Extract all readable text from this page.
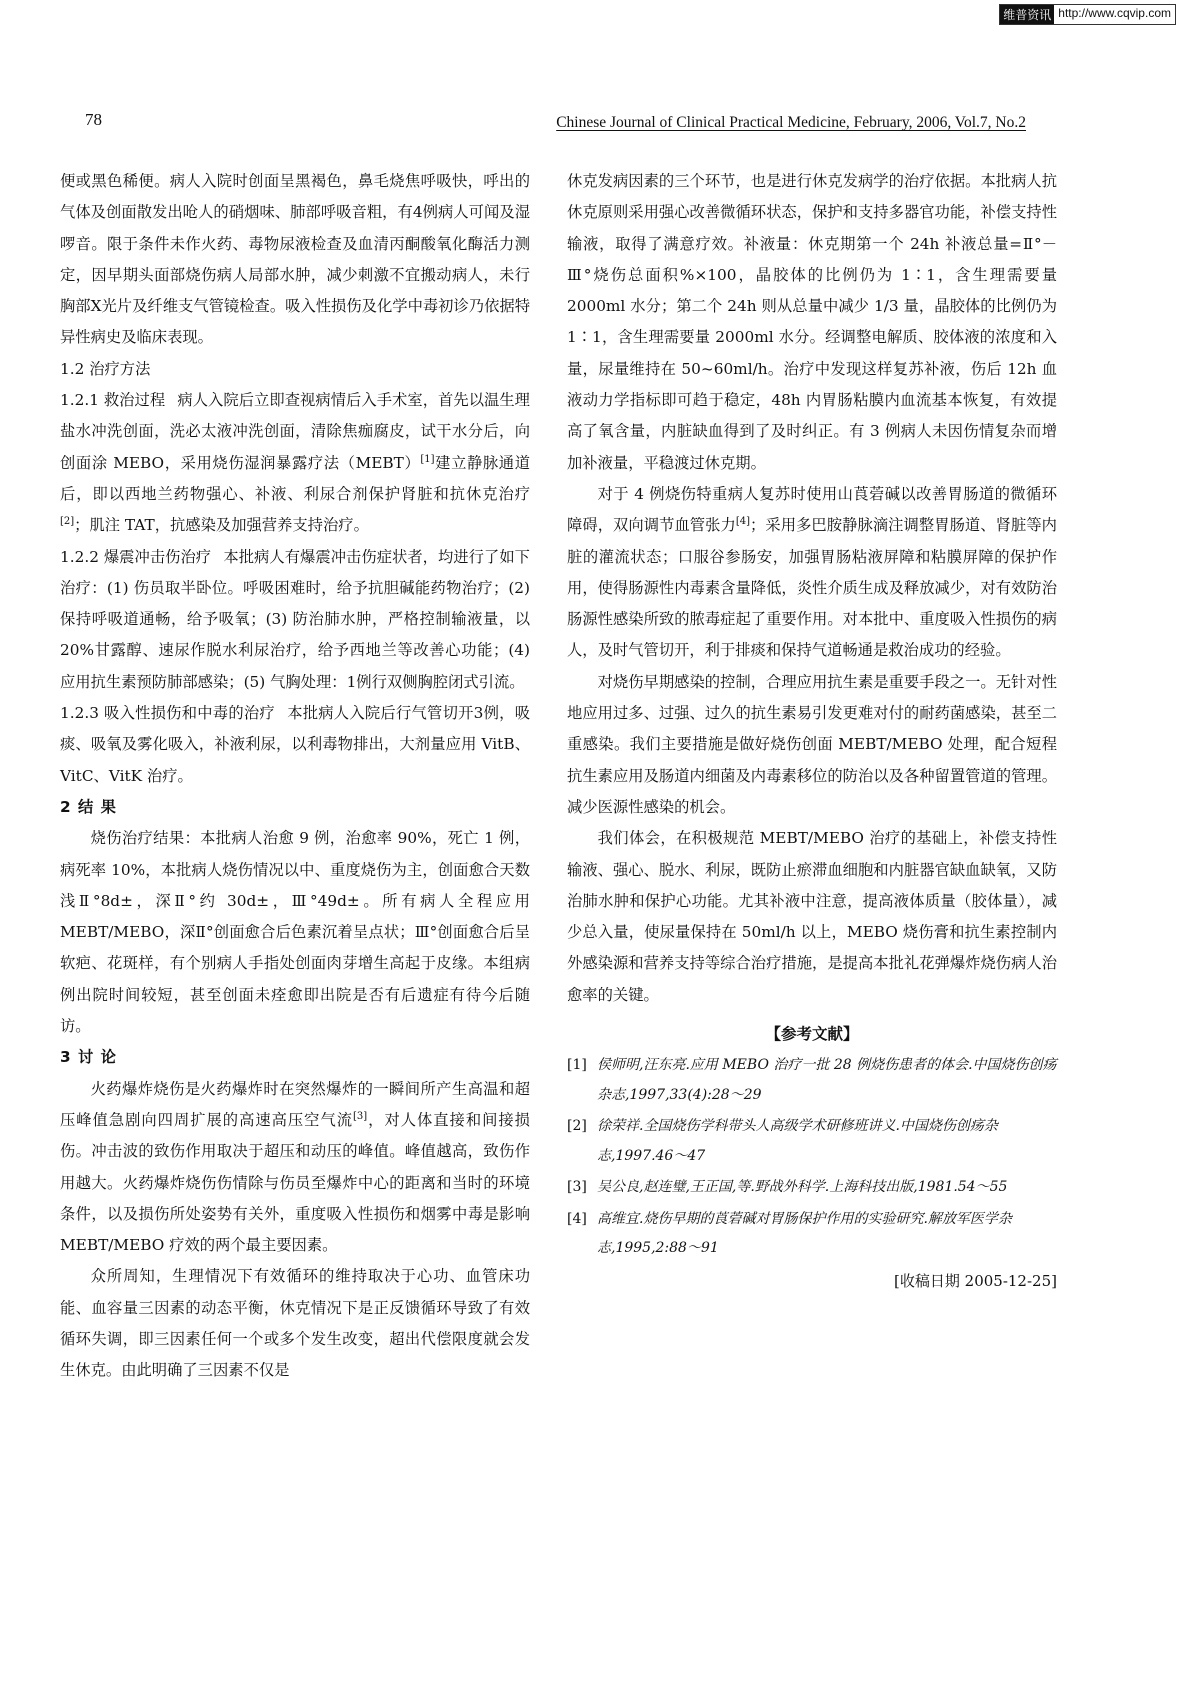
维普资讯 http://www.cqvip.com
78	Chinese Journal of Clinical Practical Medicine, February, 2006, Vol.7, No.2

便或黑色稀便。病人入院时创面呈黑褐色，鼻毛烧焦呼吸快，呼出的气体及创面散发出呛人的硝烟味、肺部呼吸音粗，有4例病人可闻及湿啰音。限于条件未作火药、毒物尿液检查及血清丙酮酸氧化酶活力测定，因早期头面部烧伤病人局部水肿，减少刺激不宜搬动病人，未行胸部X光片及纤维支气管镜检查。吸入性损伤及化学中毒初诊乃依据特异性病史及临床表现。

1.2 治疗方法

1.2.1 救治过程 病人入院后立即查视病情后入手术室，首先以温生理盐水冲洗创面，洗必太液冲洗创面，清除焦痂腐皮，试干水分后，向创面涂 MEBO，采用烧伤湿润暴露疗法（MEBT）[1]建立静脉通道后，即以西地兰药物强心、补液、利尿合剂保护肾脏和抗休克治疗[2]；肌注 TAT，抗感染及加强营养支持治疗。

1.2.2 爆震冲击伤治疗 本批病人有爆震冲击伤症状者，均进行了如下治疗：(1) 伤员取半卧位。呼吸困难时，给予抗胆碱能药物治疗；(2) 保持呼吸道通畅，给予吸氧；(3) 防治肺水肿，严格控制输液量，以 20%甘露醇、速尿作脱水利尿治疗，给予西地兰等改善心功能；(4) 应用抗生素预防肺部感染；(5) 气胸处理：1例行双侧胸腔闭式引流。

1.2.3 吸入性损伤和中毒的治疗 本批病人入院后行气管切开3例，吸痰、吸氧及雾化吸入，补液利尿，以利毒物排出，大剂量应用 VitB、VitC、VitK 治疗。

2 结 果

烧伤治疗结果：本批病人治愈 9 例，治愈率 90%，死亡 1 例，病死率 10%，本批病人烧伤情况以中、重度烧伤为主，创面愈合天数浅Ⅱ°8d±，深Ⅱ°约 30d±，Ⅲ°49d±。所有病人全程应用 MEBT/MEBO，深Ⅱ°创面愈合后色素沉着呈点状；Ⅲ°创面愈合后呈软疤、花斑样，有个别病人手指处创面肉芽增生高起于皮缘。本组病例出院时间较短，甚至创面未痊愈即出院是否有后遗症有待今后随访。

3 讨 论

火药爆炸烧伤是火药爆炸时在突然爆炸的一瞬间所产生高温和超压峰值急剧向四周扩展的高速高压空气流[3]，对人体直接和间接损伤。冲击波的致伤作用取决于超压和动压的峰值。峰值越高，致伤作用越大。火药爆炸烧伤伤情除与伤员至爆炸中心的距离和当时的环境条件，以及损伤所处姿势有关外，重度吸入性损伤和烟雾中毒是影响 MEBT/MEBO 疗效的两个最主要因素。

众所周知，生理情况下有效循环的维持取决于心功、血管床功能、血容量三因素的动态平衡，休克情况下是正反馈循环导致了有效循环失调，即三因素任何一个或多个发生改变，超出代偿限度就会发生休克。由此明确了三因素不仅是

休克发病因素的三个环节，也是进行休克发病学的治疗依据。本批病人抗休克原则采用强心改善微循环状态，保护和支持多器官功能，补偿支持性输液，取得了满意疗效。补液量：休克期第一个 24h 补液总量=Ⅱ°－Ⅲ°烧伤总面积%×100，晶胶体的比例仍为 1∶1，含生理需要量 2000ml 水分；第二个 24h 则从总量中减少 1/3 量，晶胶体的比例仍为 1∶1，含生理需要量 2000ml 水分。经调整电解质、胶体液的浓度和入量，尿量维持在 50~60ml/h。治疗中发现这样复苏补液，伤后 12h 血液动力学指标即可趋于稳定，48h 内胃肠粘膜内血流基本恢复，有效提高了氧含量，内脏缺血得到了及时纠正。有 3 例病人未因伤情复杂而增加补液量，平稳渡过休克期。

对于 4 例烧伤特重病人复苏时使用山莨菪碱以改善胃肠道的微循环障碍，双向调节血管张力[4]；采用多巴胺静脉滴注调整胃肠道、肾脏等内脏的灌流状态；口服谷参肠安，加强胃肠粘液屏障和粘膜屏障的保护作用，使得肠源性内毒素含量降低，炎性介质生成及释放减少，对有效防治肠源性感染所致的脓毒症起了重要作用。对本批中、重度吸入性损伤的病人，及时气管切开，利于排痰和保持气道畅通是救治成功的经验。

对烧伤早期感染的控制，合理应用抗生素是重要手段之一。无针对性地应用过多、过强、过久的抗生素易引发更难对付的耐药菌感染，甚至二重感染。我们主要措施是做好烧伤创面 MEBT/MEBO 处理，配合短程抗生素应用及肠道内细菌及内毒素移位的防治以及各种留置管道的管理。减少医源性感染的机会。

我们体会，在积极规范 MEBT/MEBO 治疗的基础上，补偿支持性输液、强心、脱水、利尿，既防止瘀滞血细胞和内脏器官缺血缺氧，又防治肺水肿和保护心功能。尤其补液中注意，提高液体质量（胶体量），减少总入量，使尿量保持在 50ml/h 以上，MEBO 烧伤膏和抗生素控制内外感染源和营养支持等综合治疗措施，是提高本批礼花弹爆炸烧伤病人治愈率的关键。

【参考文献】
[1] 侯师明,汪东亮.应用 MEBO 治疗一批 28 例烧伤患者的体会.中国烧伤创疡杂志,1997,33(4):28～29
[2] 徐荣祥.全国烧伤学科带头人高级学术研修班讲义.中国烧伤创疡杂志,1997.46～47
[3] 吴公良,赵连璧,王正国,等.野战外科学.上海科技出版,1981.54～55
[4] 高维宜.烧伤早期的莨菪碱对胃肠保护作用的实验研究.解放军医学杂志,1995,2:88～91
[收稿日期 2005-12-25]
